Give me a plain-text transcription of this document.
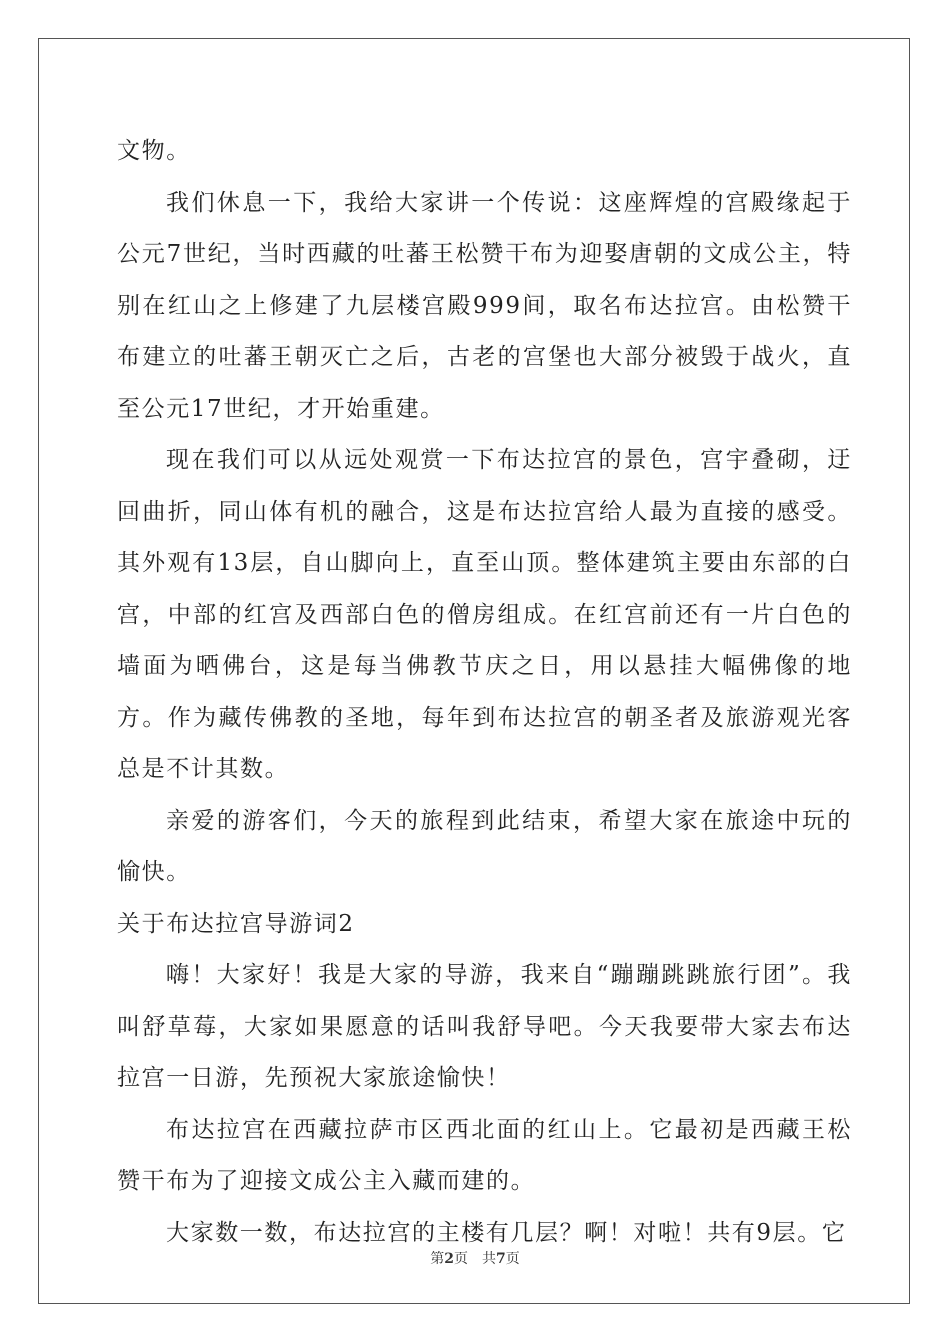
文物。

我们休息一下，我给大家讲一个传说：这座辉煌的宫殿缘起于公元7世纪，当时西藏的吐蕃王松赞干布为迎娶唐朝的文成公主，特别在红山之上修建了九层楼宫殿999间，取名布达拉宫。由松赞干布建立的吐蕃王朝灭亡之后，古老的宫堡也大部分被毁于战火，直至公元17世纪，才开始重建。

现在我们可以从远处观赏一下布达拉宫的景色，宫宇叠砌，迂回曲折，同山体有机的融合，这是布达拉宫给人最为直接的感受。其外观有13层，自山脚向上，直至山顶。整体建筑主要由东部的白宫，中部的红宫及西部白色的僧房组成。在红宫前还有一片白色的墙面为晒佛台，这是每当佛教节庆之日，用以悬挂大幅佛像的地方。作为藏传佛教的圣地，每年到布达拉宫的朝圣者及旅游观光客总是不计其数。

亲爱的游客们，今天的旅程到此结束，希望大家在旅途中玩的愉快。

关于布达拉宫导游词2

嗨！大家好！我是大家的导游，我来自“蹦蹦跳跳旅行团”。我叫舒草莓，大家如果愿意的话叫我舒导吧。今天我要带大家去布达拉宫一日游，先预祝大家旅途愉快！

布达拉宫在西藏拉萨市区西北面的红山上。它最初是西藏王松赞干布为了迎接文成公主入藏而建的。

大家数一数，布达拉宫的主楼有几层？啊！对啦！共有9层。它

第2页 共7页
